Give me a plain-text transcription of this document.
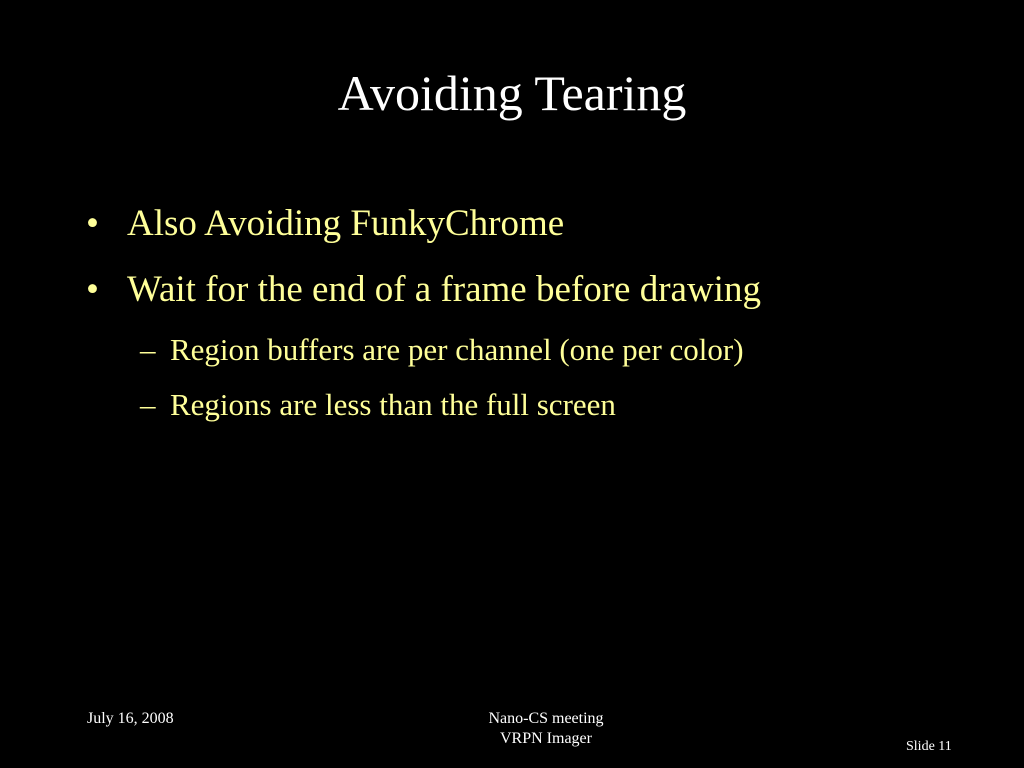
Avoiding Tearing
• Also Avoiding FunkyChrome
• Wait for the end of a frame before drawing
– Region buffers are per channel (one per color)
– Regions are less than the full screen
July 16, 2008	Nano-CS meeting
VRPN Imager	Slide 11
